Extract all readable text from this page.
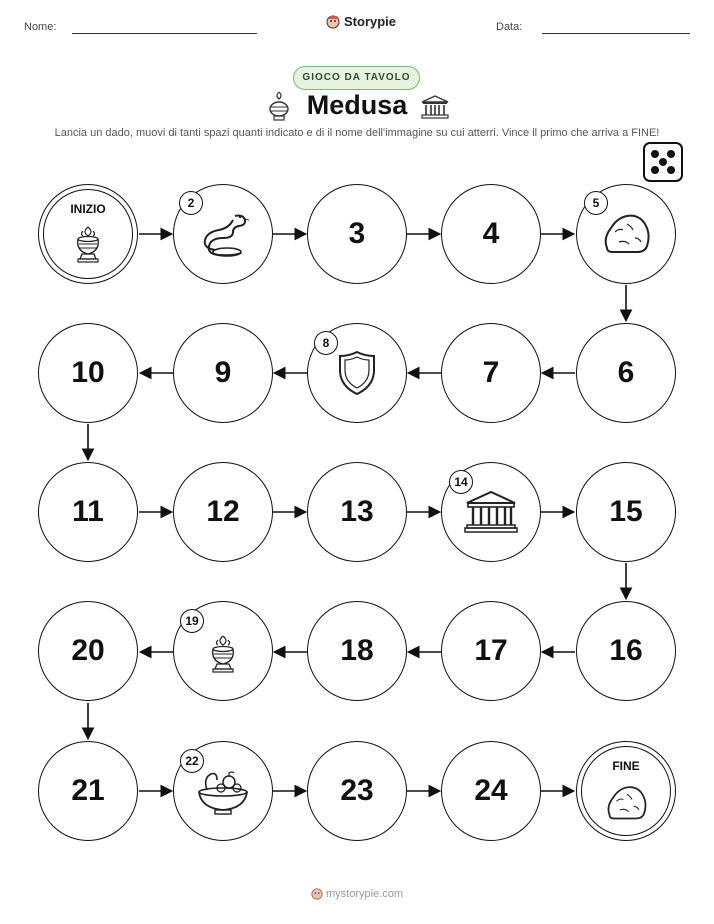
Nome:	Storypie	Data:
GIOCO DA TAVOLO
Medusa
Lancia un dado, muovi di tanti spazi quanti indicato e di il nome dell'immagine su cui atterri. Vince il primo che arriva a FINE!
INIZIO	2
3	4
5
6
7
8
9
10
11	12	13
14
15
16
17
18
19
20
21
22
23	24
FINE
mystorypie.com
